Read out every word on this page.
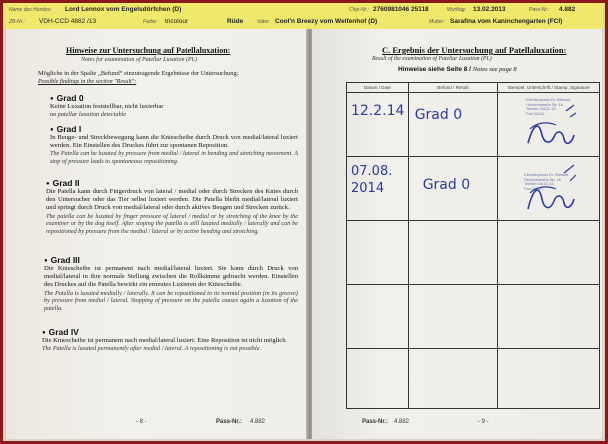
Name des Hundes: Lord Lennox vom Engelsdörfchen (D)	Chip-Nr.: 2760981046 25118	Wurftag: 13.02.2013	Pass-Nr.: 4.882
ZB-Nr.: VDH-CCD 4882 /13	Farbe: tricolour	Rüde	Vater: Cool'n Breezy vom Welfenhof (D)	Mutter: Sarafina vom Kaninchengarten (FCI)
Hinweise zur Untersuchung auf Patellaluxation:
Notes for examination of Patellar Luxation (PL)
Mögliche in der Spalte „Befund“ einzutragende Ergebnisse der Untersuchung:
Possible findings in the section "Result":
● Grad 0
Keine Luxation feststellbar, nicht luxierbar
no patellar luxation detectable
● Grad I
In Beuge- und Streckbewegung kann die Kniescheibe durch Druck von medial/lateral luxiert werden. Ein Einstellen des Druckes führt zur spontanen Reposition.
The Patella can be luxated by pressure from medial / lateral in bending and stretching movement. A stop of pressure leads to spontaneous repositioning.
● Grad II
Die Patella kann durch Fingerdruck von lateral / medial oder durch Strecken des Knies durch den Untersucher oder das Tier selbst luxiert werden. Die Patella bleibt medial/lateral luxiert und springt durch Druck von medial/lateral oder durch aktives Beugen und Strecken zurück.
The patella can be luxated by finger pressure of lateral / medial or by stretching of the knee by the examiner or by the dog itself. After stoping the patella is still luxated medially / laterally and can be repositioned by pressure from the medial / lateral or by active bending and stretching.
● Grad III
Die Kniescheibe ist permanent nach medial/lateral luxiert. Sie kann durch Druck von medial/lateral in ihre normale Stellung zwischen die Rollkämme gebracht werden. Einstellen des Druckes auf die Patella bewirkt ein erneutes Luxieren der Kniescheibe.
The Patella is luxated medially / laterally. It can be repositioned to its normal position (in its groove) by pressure from medial / lateral. Stopping of pressure on the patella causes again a luxation of the patella.
● Grad IV
Die Kniescheibe ist permanent nach medial/lateral luxiert. Eine Reposition ist nicht möglich.
The Patella is luxated permanently after medial / lateral. A repositioning is not possible.
- 8 -	Pass-Nr.: 4.882
C. Ergebnis der Untersuchung auf Patellaluxation:
Result of the examination of Patellar Luxation (PL)
Hinweise siehe Seite 8 / Notes see page 8
Datum / Date	Befund / Result	Stempel, Unterschrift / Stamp, Signature

12.2.14	Grad 0	Kleintierpraxis Dr. Kliewert
Heinrichstraße Str. 16
Telefon 04131-13
Fax 04131 -

07.08. 2014	Grad 0	Kleintierpraxis Dr. Kliewert
Heinrichstraße Str. 16
Telefon 04131-13
Fax 04131 -

Pass-Nr.: 4.882	- 9 -
